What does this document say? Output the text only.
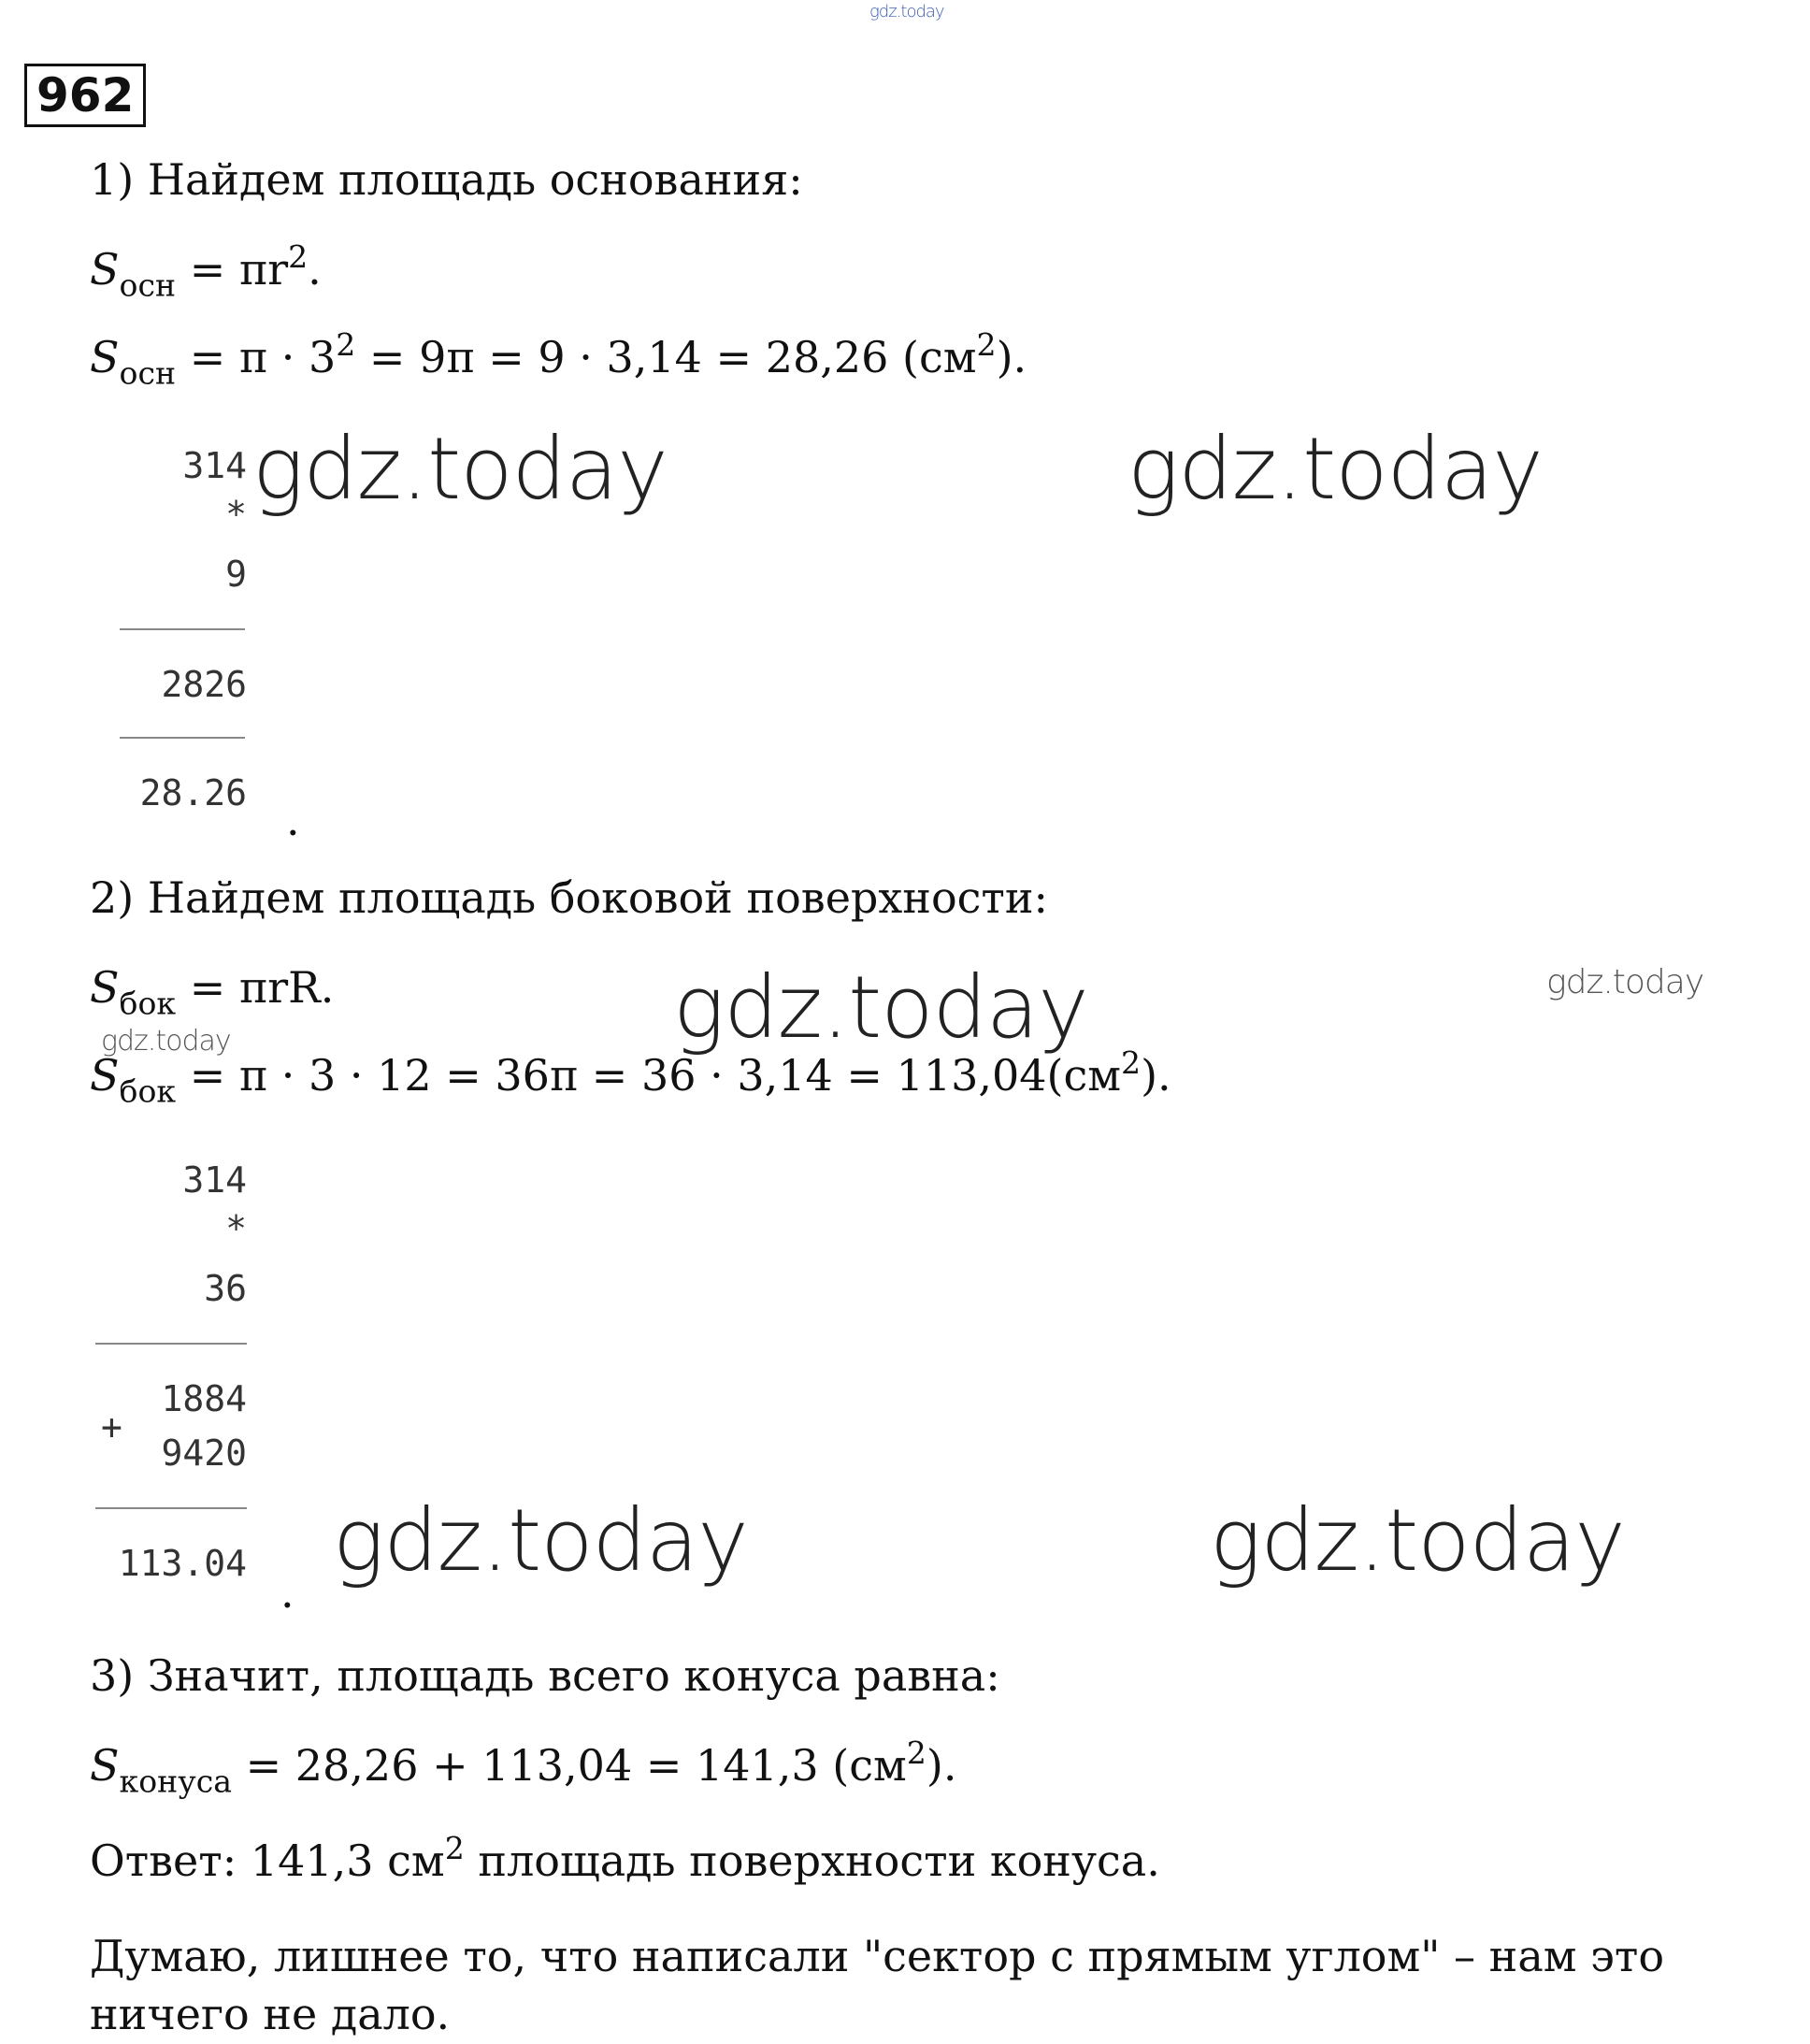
gdz.today
962
1) Найдем площадь основания:
$S_{осн} = \pi r^2$.
$S_{осн} = \pi \cdot 3^2 = 9\pi = 9 \cdot 3,14 = 28,26$ $(см^2)$.
314
*
9
2826
28.26
.
gdz.today	gdz.today
2) Найдем площадь боковой поверхности:
$S_{бок} = \pi rR$.
$S_{бок} = \pi \cdot 3 \cdot 12 = 36\pi = 36 \cdot 3,14 = 113,04(см^2)$.
gdz.today	gdz.today
gdz.today
314
*
36
1884
+
9420
113.04
.
gdz.today	gdz.today
3) Значит, площадь всего конуса равна:
$S_{конуса} = 28,26 + 113,04 = 141,3$ $(см^2)$.
Ответ: 141,3 $см^2$ площадь поверхности конуса.
Думаю, лишнее то, что написали "сектор с прямым углом" – нам это
ничего не дало.
